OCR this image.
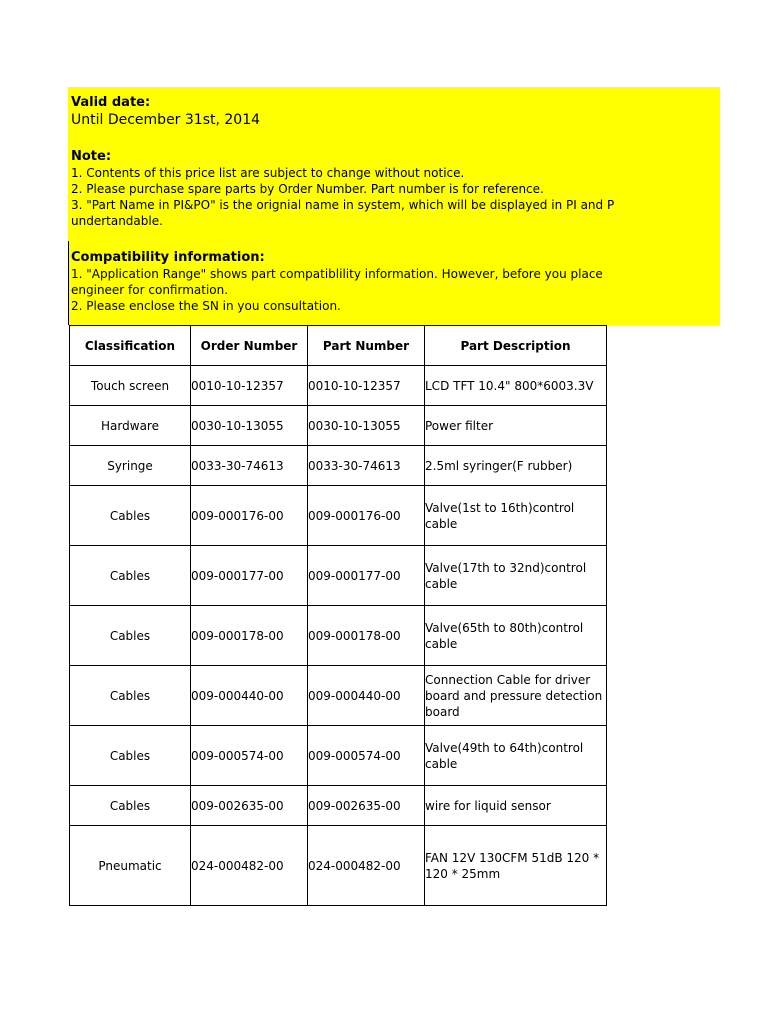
Valid date:
Until December 31st, 2014
Note:
1. Contents of this price list are subject to change without notice.
2. Please purchase spare parts by Order Number. Part number is for reference.
3. "Part Name in PI&PO" is the orignial name in system, which will be displayed in PI and P
undertandable.
Compatibility information:
1. "Application Range" shows part compatiblility information. However, before you place
engineer for confirmation.
2. Please enclose the SN in you consultation.
Classification	Order Number	Part Number	Part Description
Touch screen	0010-10-12357	0010-10-12357	LCD TFT 10.4" 800*6003.3V
Hardware	0030-10-13055	0030-10-13055	Power filter
Syringe	0033-30-74613	0033-30-74613	2.5ml syringer(F rubber)
Cables	009-000176-00	009-000176-00	Valve(1st to 16th)control cable
Cables	009-000177-00	009-000177-00	Valve(17th to 32nd)control cable
Cables	009-000178-00	009-000178-00	Valve(65th to 80th)control cable
Cables	009-000440-00	009-000440-00	Connection Cable for driver board and pressure detection board
Cables	009-000574-00	009-000574-00	Valve(49th to 64th)control cable
Cables	009-002635-00	009-002635-00	wire for liquid sensor
Pneumatic	024-000482-00	024-000482-00	FAN 12V 130CFM 51dB 120 * 120 * 25mm
